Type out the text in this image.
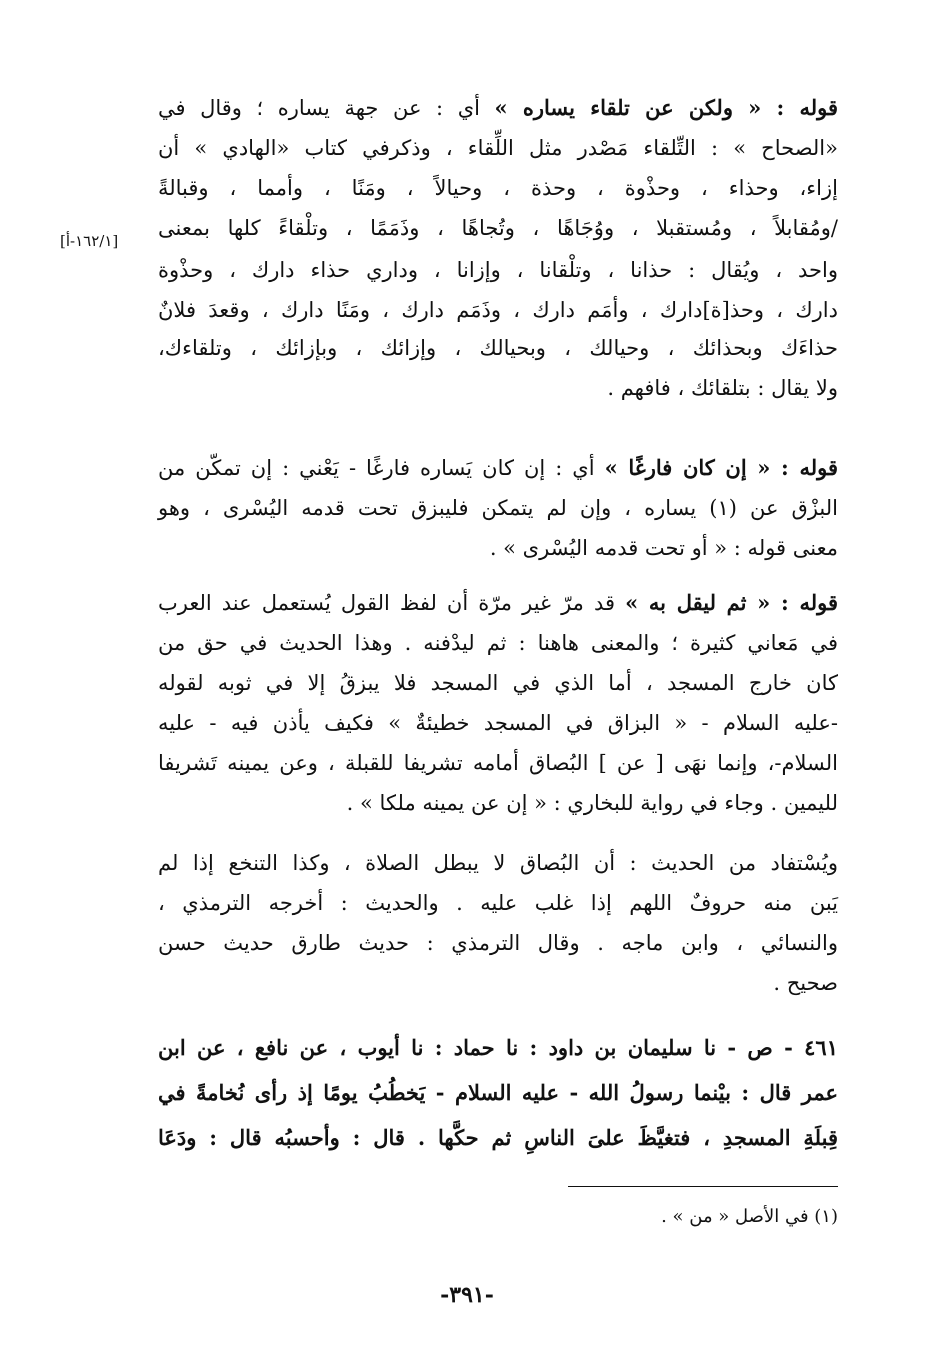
قوله : « ولكن عن تلقاء يساره » أي : عن جهة يساره ؛ وقال في
«الصحاح » : التِّلقاء مَصْدر مثل اللِّقاء ، وذكرفي كتاب «الهادي » أن
إزاء، وحذاء ، وحذْوة ، وحذة ، وحيالاً ، ومَنًا ، وأمما ، وقبالةً
/ومُقابلاً ، ومُستقبلا ، ووُجَاهًا ، وتُجاهًا ، وذَمَمًا ، وتلْقاءً كلها بمعنى
واحد ، ويُقال : حذانا ، وتلْقانا ، وإزانا ، وداري حذاء دارك ، وحذْوة
دارك ، وحذ[ة]دارك ، وأمَم دارك ، وذَمَم دارك ، ومَنًا دارك ، وقعدَ فلانٌ
حذاءَك وبحذائك ، وحيالك ، وبحيالك ، وإزائك ، وبإزائك ، وتلقاءك،
ولا يقال : بتلقائك ، فافهم .
قوله : « إن كان فارغًا » أي : إن كان يَساره فارغًا - يَعْني : إن تمكّن من
البزْق عن (١) يساره ، وإن لم يتمكن فليبزق تحت قدمه اليُسْرى ، وهو
معنى قوله : « أو تحت قدمه اليُسْرى » .
قوله : « ثم ليقل به » قد مرّ غير مرّة أن لفظ القول يُستعمل عند العرب
في مَعاني كثيرة ؛ والمعنى هاهنا : ثم ليدْفنه . وهذا الحديث في حق من
كان خارج المسجد ، أما الذي في المسجد فلا يبزقُ إلا في ثوبه لقوله
-عليه السلام - « البزاق في المسجد خطيئةٌ » فكيف يأذن فيه - عليه
السلام-، وإنما نهَى [ عن ] البُصاق أمامه تشريفا للقبلة ، وعن يمينه تَشريفا
لليمين . وجاء في رواية للبخاري : « إن عن يمينه ملكا » .
ويُسْتفاد من الحديث : أن البُصاق لا يبطل الصلاة ، وكذا التنخع إذا لم
يَبن منه حروفٌ اللهم إذا غلب عليه . والحديث : أخرجه الترمذي ،
والنسائي ، وابن ماجه . وقال الترمذي : حديث طارق حديث حسن
صحيح .
٤٦١ - ص - نا سليمان بن داود : نا حماد : نا أيوب ، عن نافع ، عن ابن
عمر قال : بيْنما رسولُ الله - عليه السلام - يَخطُبُ يومًا إذ رأى نُخامةً في
قِبلَةِ المسجدِ ، فتغيَّظَ علىَ الناسِ ثم حكَّها . قال : وأحسبُه قال : ودَعَا
[١٦٢/١-أ]
(١) في الأصل « من » .
-٣٩١-
